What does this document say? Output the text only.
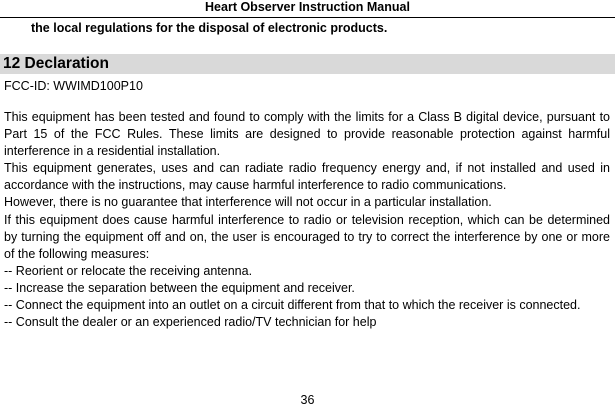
Heart Observer Instruction Manual
the local regulations for the disposal of electronic products.
12 Declaration
FCC-ID: WWIMD100P10

This equipment has been tested and found to comply with the limits for a Class B digital device, pursuant to Part 15 of the FCC Rules. These limits are designed to provide reasonable protection against harmful interference in a residential installation.

This equipment generates, uses and can radiate radio frequency energy and, if not installed and used in accordance with the instructions, may cause harmful interference to radio communications.

However, there is no guarantee that interference will not occur in a particular installation.

If this equipment does cause harmful interference to radio or television reception, which can be determined by turning the equipment off and on, the user is encouraged to try to correct the interference by one or more of the following measures:

-- Reorient or relocate the receiving antenna.

-- Increase the separation between the equipment and receiver.

-- Connect the equipment into an outlet on a circuit different from that to which the receiver is connected.

-- Consult the dealer or an experienced radio/TV technician for help

36
